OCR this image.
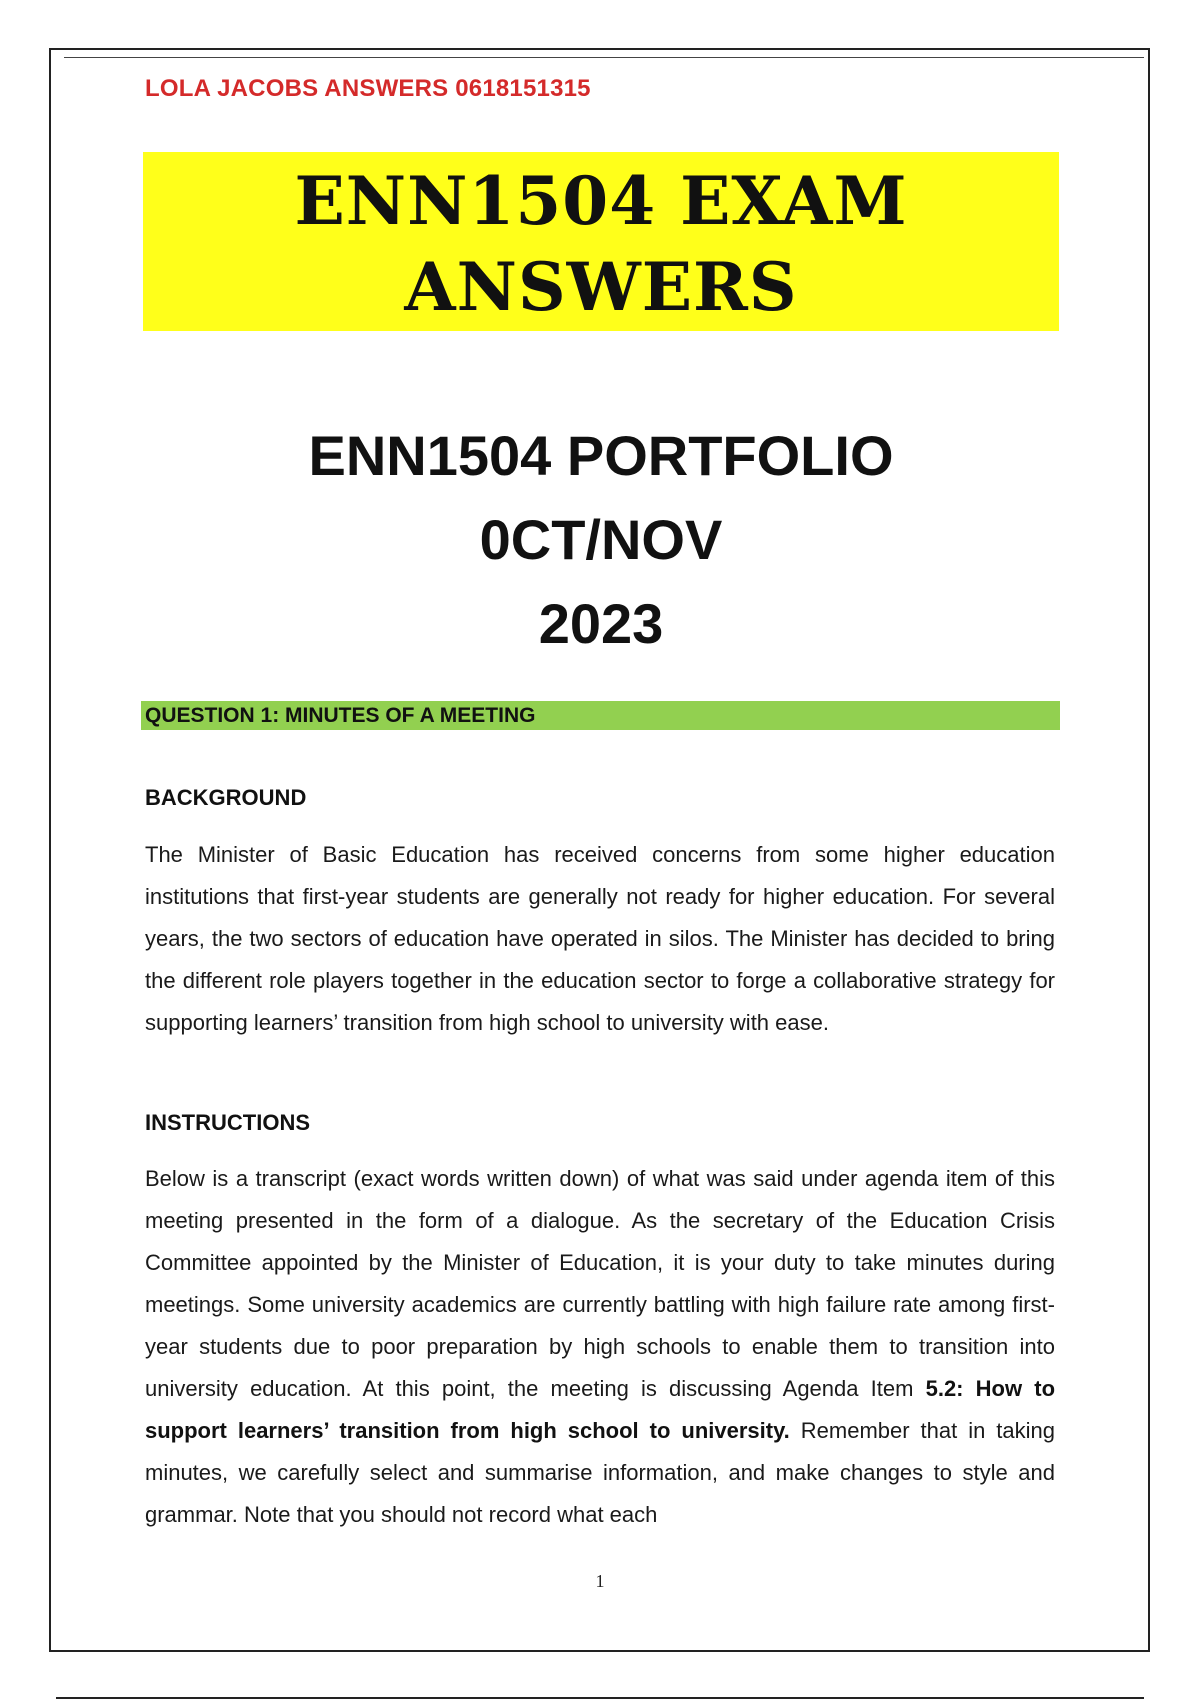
LOLA JACOBS ANSWERS 0618151315
ENN1504 EXAM
ANSWERS
ENN1504 PORTFOLIO
0CT/NOV
2023
QUESTION 1: MINUTES OF A MEETING
BACKGROUND
The Minister of Basic Education has received concerns from some higher education institutions that first-year students are generally not ready for higher education. For several years, the two sectors of education have operated in silos. The Minister has decided to bring the different role players together in the education sector to forge a collaborative strategy for supporting learners’ transition from high school to university with ease.
INSTRUCTIONS
Below is a transcript (exact words written down) of what was said under agenda item of this meeting presented in the form of a dialogue. As the secretary of the Education Crisis Committee appointed by the Minister of Education, it is your duty to take minutes during meetings. Some university academics are currently battling with high failure rate among first-year students due to poor preparation by high schools to enable them to transition into university education. At this point, the meeting is discussing Agenda Item 5.2: How to support learners’ transition from high school to university. Remember that in taking minutes, we carefully select and summarise information, and make changes to style and grammar. Note that you should not record what each
1
